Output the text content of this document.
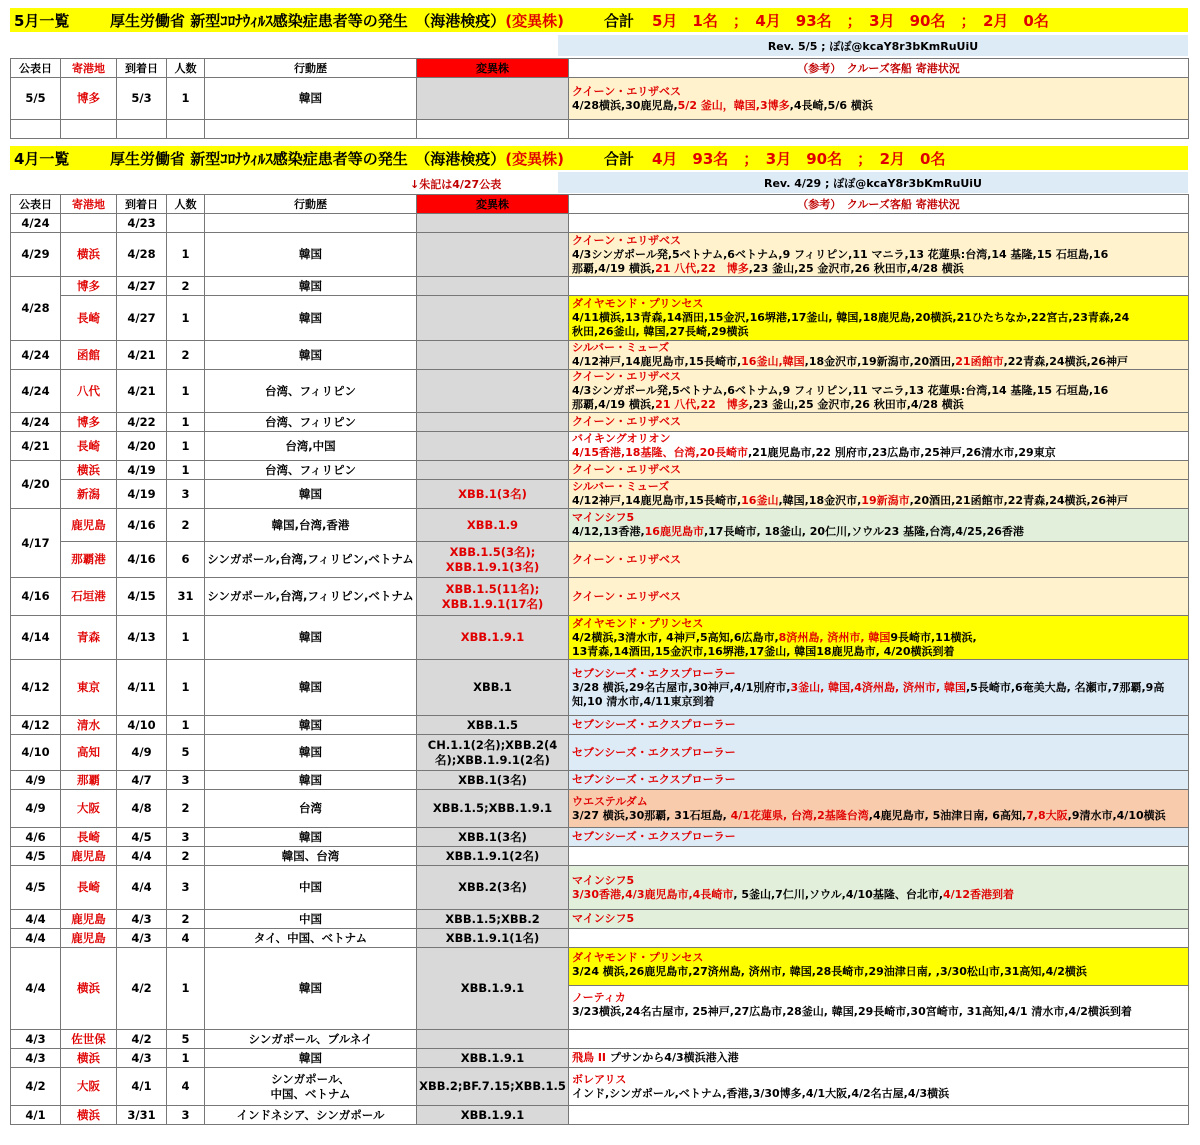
5月一覧	厚生労働省 新型ｺﾛﾅｳｨﾙｽ感染症患者等の発生　（海港検疫） (変異株)	合計 5月　1名　；　4月　93名　；　3月　90名　；　2月　0名
Rev. 5/5 ; ぽぽ@kcaY8r3bKmRuUiU
公表日	寄港地	到着日	人数	行動歴	変異株	（参考）　クルーズ客船 寄港状況
5/5	博多	5/3	1	韓国		クイーン・エリザベス
4/28横浜,30鹿児島,5/2 釜山，韓国,3博多,4長崎,5/6 横浜

4月一覧	厚生労働省 新型ｺﾛﾅｳｨﾙｽ感染症患者等の発生　（海港検疫） (変異株)	合計 4月　93名　；　3月　90名　；　2月　0名
↓朱記は4/27公表	Rev. 4/29 ; ぽぽ@kcaY8r3bKmRuUiU
公表日	寄港地	到着日	人数	行動歴	変異株	（参考）　クルーズ客船 寄港状況
4/24		4/23				
4/29	横浜	4/28	1	韓国		クイーン・エリザベス
4/3シンガポール発,5ベトナム,6ベトナム,9 フィリピン,11 マニラ,13 花蓮県:台湾,14 基隆,15 石垣島,16
那覇,4/19 横浜,21 八代,22　博多,23 釜山,25 金沢市,26 秋田市,4/28 横浜

4/28	博多	4/27	2	韓国		
	長崎	4/27	1	韓国		ダイヤモンド・プリンセス
4/11横浜,13青森,14酒田,15金沢,16堺港,17釜山, 韓国,18鹿児島,20横浜,21ひたちなか,22宮古,23青森,24
秋田,26釜山, 韓国,27長崎,29横浜

4/24	函館	4/21	2	韓国		シルバー・ミューズ
4/12神戸,14鹿児島市,15長崎市,16釜山,韓国,18金沢市,19新潟市,20酒田,21函館市,22青森,24横浜,26神戸

4/24	八代	4/21	1	台湾、フィリピン		クイーン・エリザベス
4/3シンガポール発,5ベトナム,6ベトナム,9 フィリピン,11 マニラ,13 花蓮県:台湾,14 基隆,15 石垣島,16
那覇,4/19 横浜,21 八代,22　博多,23 釜山,25 金沢市,26 秋田市,4/28 横浜

4/24	博多	4/22	1	台湾、フィリピン		クイーン・エリザベス

4/21	長崎	4/20	1	台湾,中国		バイキングオリオン
4/15香港,18基隆、台湾,20長崎市,21鹿児島市,22 別府市,23広島市,25神戸,26清水市,29東京

4/20	横浜	4/19	1	台湾、フィリピン		クイーン・エリザベス

	新潟	4/19	3	韓国	XBB.1(3名)	シルバー・ミューズ
4/12神戸,14鹿児島市,15長崎市,16釜山,韓国,18金沢市,19新潟市,20酒田,21函館市,22青森,24横浜,26神戸

4/17	鹿児島	4/16	2	韓国,台湾,香港	XBB.1.9	マインシフ5
4/12,13香港,16鹿児島市,17長崎市, 18釜山, 20仁川,ソウル23 基隆,台湾,4/25,26香港

	那覇港	4/16	6	シンガポール,台湾,フィリピン,ベトナム	XBB.1.5(3名);
XBB.1.9.1(3名)	クイーン・エリザベス

4/16	石垣港	4/15	31	シンガポール,台湾,フィリピン,ベトナム	XBB.1.5(11名);
XBB.1.9.1(17名)	クイーン・エリザベス

4/14	青森	4/13	1	韓国	XBB.1.9.1	ダイヤモンド・プリンセス
4/2横浜,3清水市, 4神戸,5高知,6広島市,8済州島, 済州市, 韓国9長崎市,11横浜,
13青森,14酒田,15金沢市,16堺港,17釜山, 韓国18鹿児島市, 4/20横浜到着

4/12	東京	4/11	1	韓国	XBB.1	セブンシーズ・エクスプローラー
3/28 横浜,29名古屋市,30神戸,4/1別府市,3釜山, 韓国,4済州島, 済州市, 韓国,5長崎市,6奄美大島, 名瀬市,7那覇,9高
知,10 清水市,4/11東京到着

4/12	清水	4/10	1	韓国	XBB.1.5	セブンシーズ・エクスプローラー

4/10	高知	4/9	5	韓国	CH.1.1(2名);XBB.2(4
名);XBB.1.9.1(2名)	セブンシーズ・エクスプローラー

4/9	那覇	4/7	3	韓国	XBB.1(3名)	セブンシーズ・エクスプローラー

4/9	大阪	4/8	2	台湾	XBB.1.5;XBB.1.9.1	ウエステルダム
3/27 横浜,30那覇, 31石垣島, 4/1花蓮県, 台湾,2基隆台湾,4鹿児島市, 5油津日南, 6高知,7,8大阪,9清水市,4/10横浜

4/6	長崎	4/5	3	韓国	XBB.1(3名)	セブンシーズ・エクスプローラー

4/5	鹿児島	4/4	2	韓国、台湾	XBB.1.9.1(2名)	
4/5	長崎	4/4	3	中国	XBB.2(3名)	マインシフ5
3/30香港,4/3鹿児島市,4長崎市, 5釜山,7仁川,ソウル,4/10基隆、台北市,4/12香港到着

4/4	鹿児島	4/3	2	中国	XBB.1.5;XBB.2	マインシフ5

4/4	鹿児島	4/3	4	タイ、中国、ベトナム	XBB.1.9.1(1名)	
4/4	横浜	4/2	1	韓国	XBB.1.9.1	ダイヤモンド・プリンセス
3/24 横浜,26鹿児島市,27済州島, 済州市, 韓国,28長崎市,29油津日南, ,3/30松山市,31高知,4/2横浜
ノーティカ
3/23横浜,24名古屋市, 25神戸,27広島市,28釜山, 韓国,29長崎市,30宮崎市, 31高知,4/1 清水市,4/2横浜到着

4/3	佐世保	4/2	5	シンガポール、ブルネイ		
4/3	横浜	4/3	1	韓国	XBB.1.9.1	飛鳥 II プサンから4/3横浜港入港
4/2	大阪	4/1	4	シンガポール、
中国、ベトナム	XBB.2;BF.7.15;XBB.1.5	ボレアリス
インド,シンガポール,ベトナム,香港,3/30博多,4/1大阪,4/2名古屋,4/3横浜

4/1	横浜	3/31	3	インドネシア、シンガポール	XBB.1.9.1	
